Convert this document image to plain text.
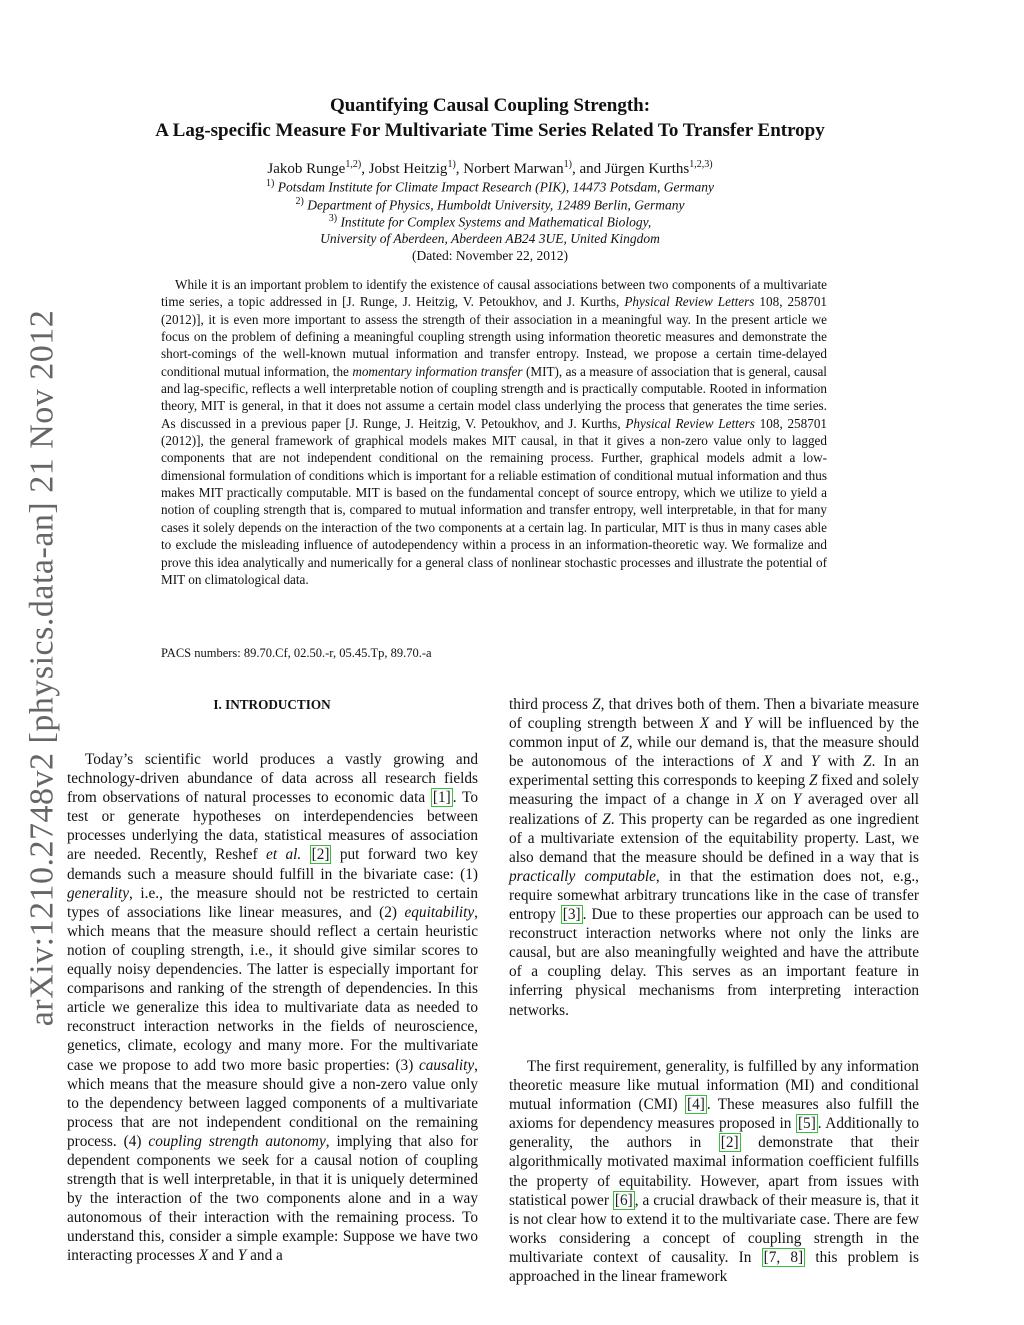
arXiv:1210.2748v2 [physics.data-an] 21 Nov 2012
Quantifying Causal Coupling Strength:
A Lag-specific Measure For Multivariate Time Series Related To Transfer Entropy
Jakob Runge$^{1,2)}$, Jobst Heitzig$^{1)}$, Norbert Marwan$^{1)}$, and Jürgen Kurths$^{1,2,3)}$
$^{1)}$ Potsdam Institute for Climate Impact Research (PIK), 14473 Potsdam, Germany
$^{2)}$ Department of Physics, Humboldt University, 12489 Berlin, Germany
$^{3)}$ Institute for Complex Systems and Mathematical Biology,
University of Aberdeen, Aberdeen AB24 3UE, United Kingdom
(Dated: November 22, 2012)
While it is an important problem to identify the existence of causal associations between two components of a multivariate time series, a topic addressed in [J. Runge, J. Heitzig, V. Petoukhov, and J. Kurths, Physical Review Letters 108, 258701 (2012)], it is even more important to assess the strength of their association in a meaningful way. In the present article we focus on the problem of defining a meaningful coupling strength using information theoretic measures and demonstrate the short-comings of the well-known mutual information and transfer entropy. Instead, we propose a certain time-delayed conditional mutual information, the momentary information transfer (MIT), as a measure of association that is general, causal and lag-specific, reflects a well interpretable notion of coupling strength and is practically computable. Rooted in information theory, MIT is general, in that it does not assume a certain model class underlying the process that generates the time series. As discussed in a previous paper [J. Runge, J. Heitzig, V. Petoukhov, and J. Kurths, Physical Review Letters 108, 258701 (2012)], the general framework of graphical models makes MIT causal, in that it gives a non-zero value only to lagged components that are not independent conditional on the remaining process. Further, graphical models admit a low-dimensional formulation of conditions which is important for a reliable estimation of conditional mutual information and thus makes MIT practically computable. MIT is based on the fundamental concept of source entropy, which we utilize to yield a notion of coupling strength that is, compared to mutual information and transfer entropy, well interpretable, in that for many cases it solely depends on the interaction of the two components at a certain lag. In particular, MIT is thus in many cases able to exclude the misleading influence of autodependency within a process in an information-theoretic way. We formalize and prove this idea analytically and numerically for a general class of nonlinear stochastic processes and illustrate the potential of MIT on climatological data.
PACS numbers: 89.70.Cf, 02.50.-r, 05.45.Tp, 89.70.-a
I. INTRODUCTION

Today’s scientific world produces a vastly growing and technology-driven abundance of data across all research fields from observations of natural processes to economic data [1] . To test or generate hypotheses on interdependencies between processes underlying the data, statistical measures of association are needed. Recently, Reshef et al. [2] put forward two key demands such a measure should fulfill in the bivariate case: (1) generality, i.e., the measure should not be restricted to certain types of associations like linear measures, and (2) equitability, which means that the measure should reflect a certain heuristic notion of coupling strength, i.e., it should give similar scores to equally noisy dependencies. The latter is especially important for comparisons and ranking of the strength of dependencies. In this article we generalize this idea to multivariate data as needed to reconstruct interaction networks in the fields of neuroscience, genetics, climate, ecology and many more. For the multivariate case we propose to add two more basic properties: (3) causality, which means that the measure should give a non-zero value only to the dependency between lagged components of a multivariate process that are not independent conditional on the remaining process. (4) coupling strength autonomy, implying that also for dependent components we seek for a causal notion of coupling strength that is well interpretable, in that it is uniquely determined by the interaction of the two components alone and in a way autonomous of their interaction with the remaining process. To understand this, consider a simple example: Suppose we have two interacting processes X and Y and a

third process Z, that drives both of them. Then a bivariate measure of coupling strength between X and Y will be influenced by the common input of Z, while our demand is, that the measure should be autonomous of the interactions of X and Y with Z. In an experimental setting this corresponds to keeping Z fixed and solely measuring the impact of a change in X on Y averaged over all realizations of Z. This property can be regarded as one ingredient of a multivariate extension of the equitability property. Last, we also demand that the measure should be defined in a way that is practically computable, in that the estimation does not, e.g., require somewhat arbitrary truncations like in the case of transfer entropy [3] . Due to these properties our approach can be used to reconstruct interaction networks where not only the links are causal, but are also meaningfully weighted and have the attribute of a coupling delay. This serves as an important feature in inferring physical mechanisms from interpreting interaction networks.

The first requirement, generality, is fulfilled by any information theoretic measure like mutual information (MI) and conditional mutual information (CMI) [4] . These measures also fulfill the axioms for dependency measures proposed in [5] . Additionally to generality, the authors in [2] demonstrate that their algorithmically motivated maximal information coefficient fulfills the property of equitability. However, apart from issues with statistical power [6] , a crucial drawback of their measure is, that it is not clear how to extend it to the multivariate case. There are few works considering a concept of coupling strength in the multivariate context of causality. In [7, 8] this problem is approached in the linear framework
